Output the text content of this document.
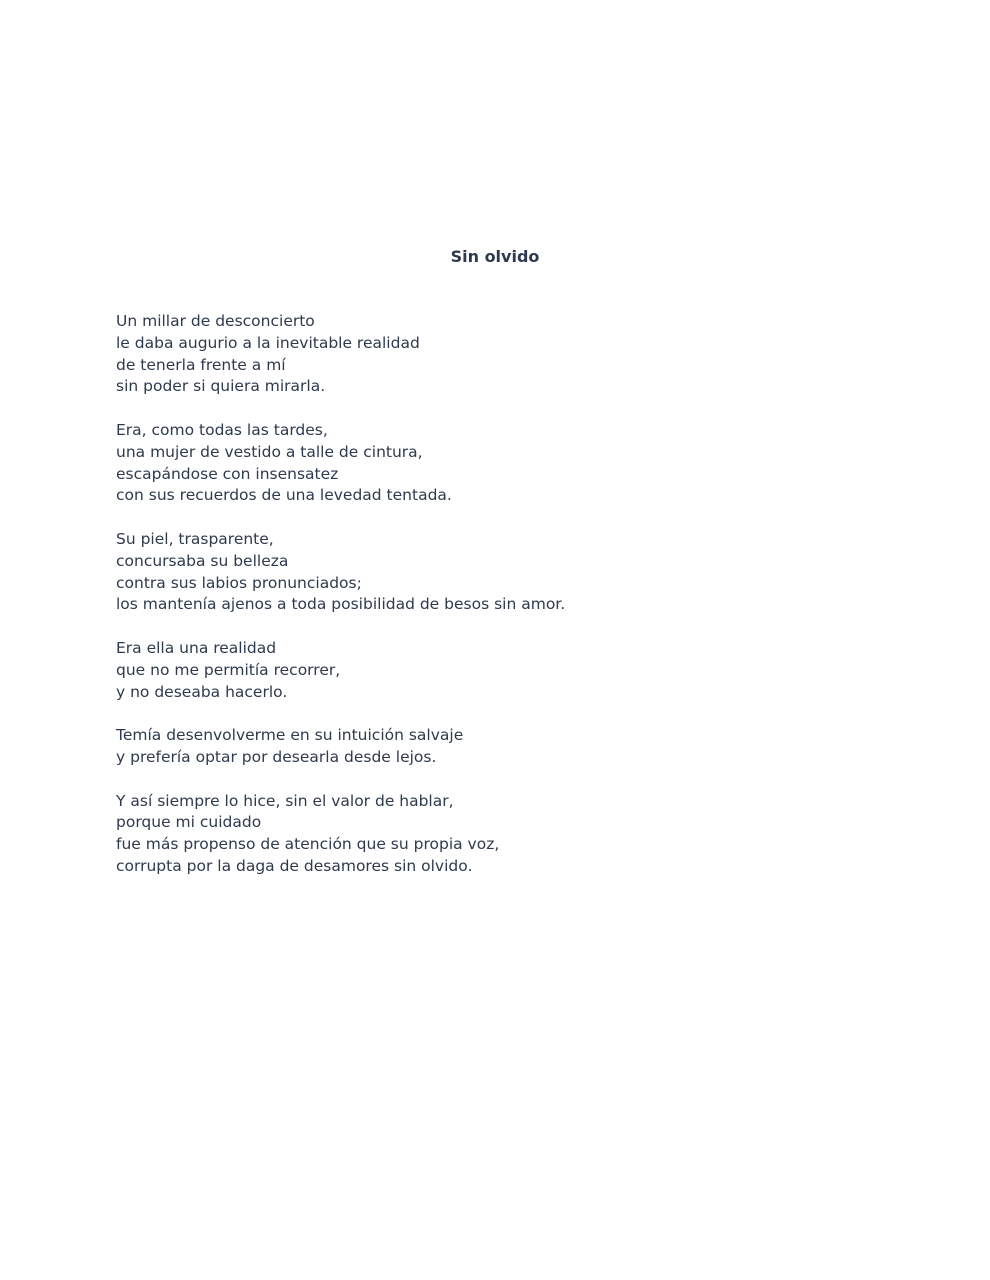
Sin olvido
Un millar de desconcierto
le daba augurio a la inevitable realidad
de tenerla frente a mí
sin poder si quiera mirarla.
Era, como todas las tardes,
una mujer de vestido a talle de cintura,
escapándose con insensatez
con sus recuerdos de una levedad tentada.
Su piel, trasparente,
concursaba su belleza
contra sus labios pronunciados;
los mantenía ajenos a toda posibilidad de besos sin amor.
Era ella una realidad
que no me permitía recorrer,
y no deseaba hacerlo.
Temía desenvolverme en su intuición salvaje
y prefería optar por desearla desde lejos.
Y así siempre lo hice, sin el valor de hablar,
porque mi cuidado
fue más propenso de atención que su propia voz,
corrupta por la daga de desamores sin olvido.
